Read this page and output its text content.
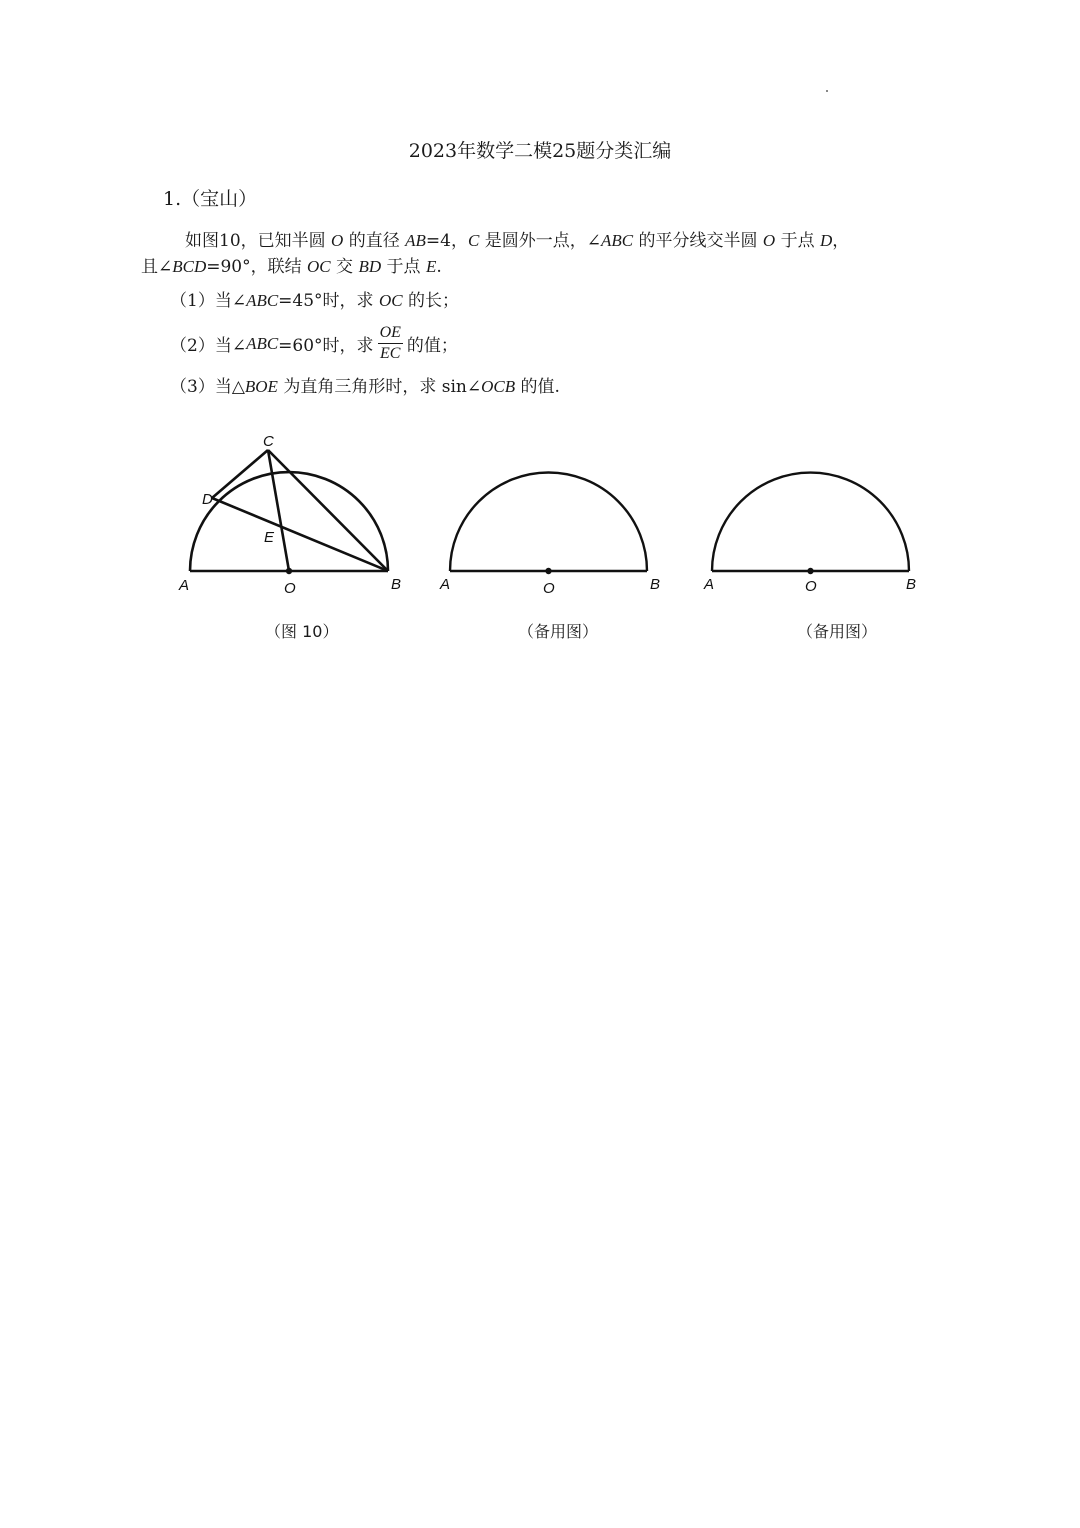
2023年数学二模25题分类汇编
1.（宝山）
如图10，已知半圆 O 的直径 AB=4，C 是圆外一点，∠ABC 的平分线交半圆 O 于点 D，
且∠BCD=90°，联结 OC 交 BD 于点 E.
（1）当∠ABC=45°时，求 OC 的长；
（2）当∠ ABC =60°时，求 $\frac{OE}{EC}$ 的值；
（3）当△BOE 为直角三角形时，求 sin∠OCB 的值.
A	O	B
C
D
E
A	O	B	A	O	B
（图 10）	（备用图）	（备用图）
